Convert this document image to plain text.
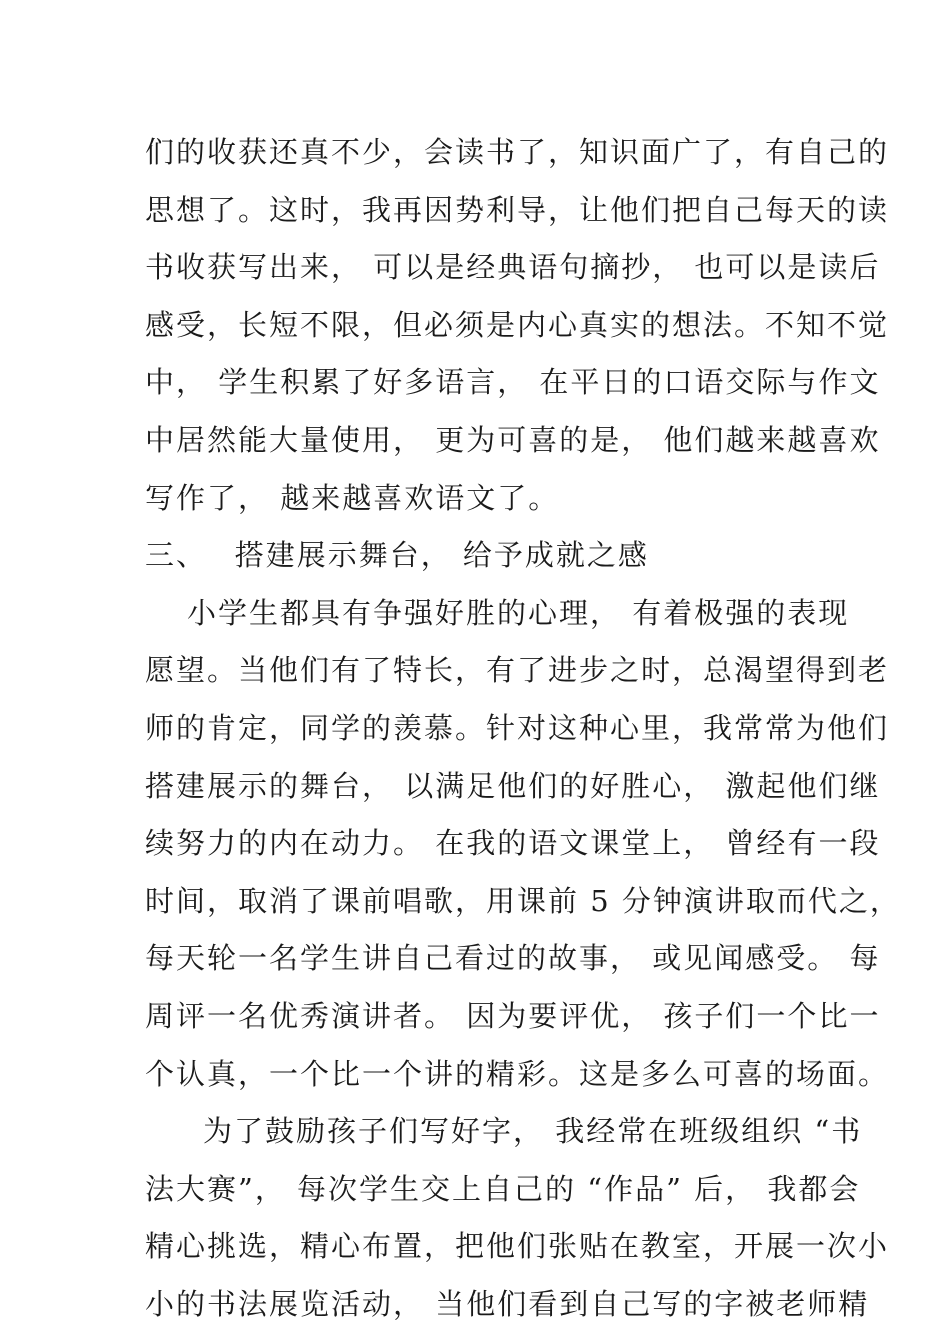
们的收获还真不少，会读书了，知识面广了，有自己的
思想了。这时，我再因势利导，让他们把自己每天的读
书收获写出来， 可以是经典语句摘抄， 也可以是读后
感受，长短不限，但必须是内心真实的想法。不知不觉
中， 学生积累了好多语言， 在平日的口语交际与作文
中居然能大量使用， 更为可喜的是， 他们越来越喜欢
写作了， 越来越喜欢语文了。
三、　 搭建展示舞台， 给予成就之感
小学生都具有争强好胜的心理， 有着极强的表现
愿望。当他们有了特长，有了进步之时，总渴望得到老
师的肯定，同学的羡慕。针对这种心里，我常常为他们
搭建展示的舞台， 以满足他们的好胜心， 激起他们继
续努力的内在动力。 在我的语文课堂上， 曾经有一段
时间，取消了课前唱歌，用课前 5 分钟演讲取而代之，
每天轮一名学生讲自己看过的故事， 或见闻感受。 每
周评一名优秀演讲者。 因为要评优， 孩子们一个比一
个认真，一个比一个讲的精彩。这是多么可喜的场面。
为了鼓励孩子们写好字， 我经常在班级组织 “书
法大赛”， 每次学生交上自己的 “作品” 后， 我都会
精心挑选，精心布置，把他们张贴在教室，开展一次小
小的书法展览活动， 当他们看到自己写的字被老师精
